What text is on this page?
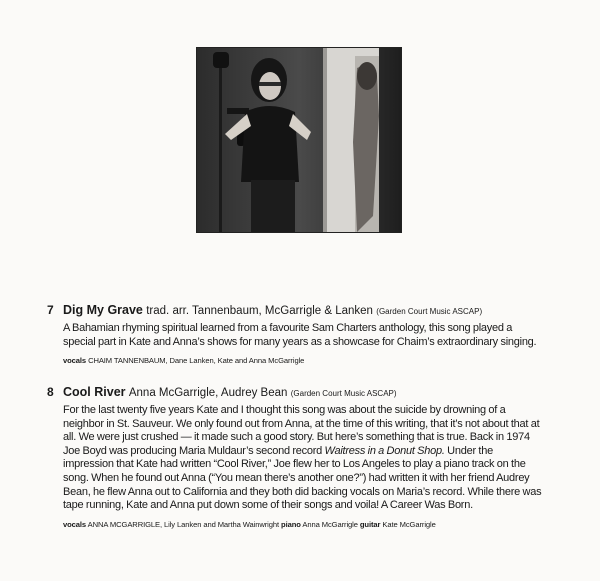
7 Dig My Grave trad. arr. Tannenbaum, McGarrigle & Lanken (Garden Court Music ASCAP)
A Bahamian rhyming spiritual learned from a favourite Sam Charters anthology, this song played a special part in Kate and Anna’s shows for many years as a showcase for Chaim’s extraordinary singing.
vocals CHAIM TANNENBAUM, Dane Lanken, Kate and Anna McGarrigle
8 Cool River Anna McGarrigle, Audrey Bean (Garden Court Music ASCAP)
For the last twenty five years Kate and I thought this song was about the suicide by drowning of a neighbor in St. Sauveur. We only found out from Anna, at the time of this writing, that it’s not about that at all. We were just crushed — it made such a good story. But here’s something that is true. Back in 1974 Joe Boyd was producing Maria Muldaur’s second record Waitress in a Donut Shop. Under the impression that Kate had written “Cool River,” Joe flew her to Los Angeles to play a piano track on the song. When he found out Anna (“You mean there’s another one?”) had written it with her friend Audrey Bean, he flew Anna out to California and they both did backing vocals on Maria’s record. While there was tape running, Kate and Anna put down some of their songs and voila! A Career Was Born.
vocals ANNA MCGARRIGLE, Lily Lanken and Martha Wainwright piano Anna McGarrigle guitar Kate McGarrigle
